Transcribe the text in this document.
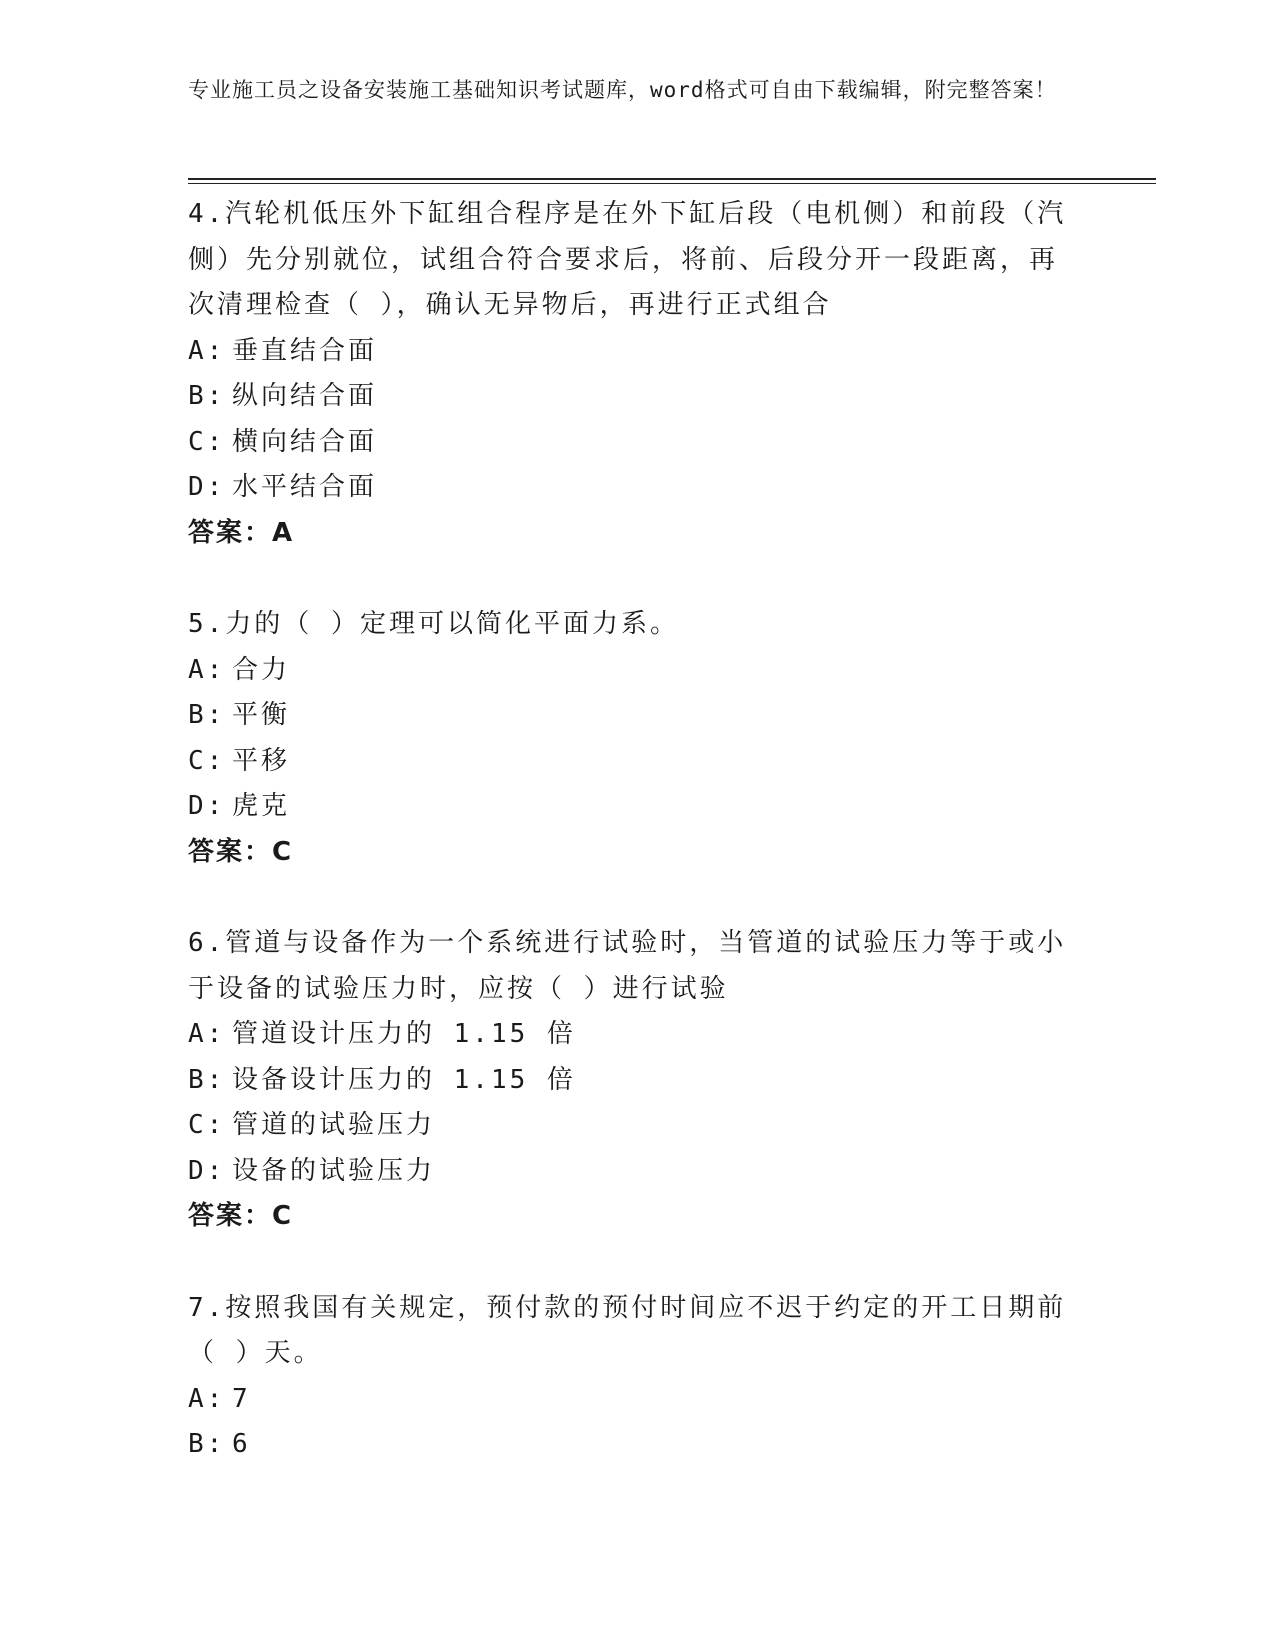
专业施工员之设备安装施工基础知识考试题库，word格式可自由下载编辑，附完整答案！

4.汽轮机低压外下缸组合程序是在外下缸后段（电机侧）和前段（汽侧）先分别就位，试组合符合要求后，将前、后段分开一段距离，再次清理检查（ ），确认无异物后，再进行正式组合

A: 垂直结合面

B: 纵向结合面

C: 横向结合面

D: 水平结合面

答案：A

5.力的（ ）定理可以简化平面力系。

A: 合力

B: 平衡

C: 平移

D: 虎克

答案：C

6.管道与设备作为一个系统进行试验时，当管道的试验压力等于或小于设备的试验压力时，应按（ ）进行试验

A: 管道设计压力的 1.15 倍

B: 设备设计压力的 1.15 倍

C: 管道的试验压力

D: 设备的试验压力

答案：C

7.按照我国有关规定，预付款的预付时间应不迟于约定的开工日期前（ ）天。

A: 7

B: 6
